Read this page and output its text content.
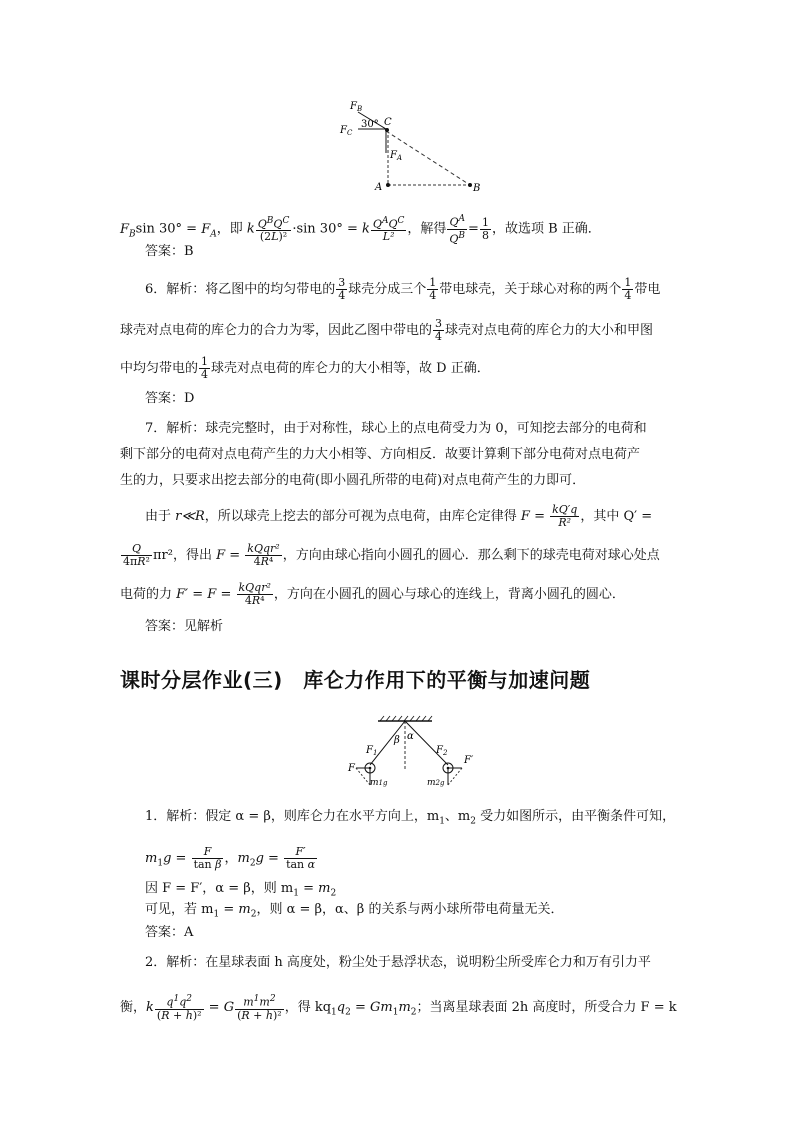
$F_B$
$F_C$
30° C
$F_A$
A	B
$F_B\sin$ $30^\circ = F_A$，即 k $\frac{Q^BQ^C}{\text{(2L)²}} \cdot\sin$ 30° = k $\frac{Q^AQ^C}{\text{L²}}$ ，解得 $\frac{Q^A}{Q^B} = \frac{1}{8}$ ，故选项 B 正确．
答案：B
6．解析：将乙图中的均匀带电的 $\frac{3}{4}$ 球壳分成三个 $\frac{1}{4}$ 带电球壳，关于球心对称的两个 $\frac{1}{4}$ 带电
球壳对点电荷的库仑力的合力为零，因此乙图中带电的 $\frac{3}{4}$ 球壳对点电荷的库仑力的大小和甲图
中均匀带电的 $\frac{1}{4}$ 球壳对点电荷的库仑力的大小相等，故 D 正确．
答案：D
7．解析：球壳完整时，由于对称性，球心上的点电荷受力为 0，可知挖去部分的电荷和
剩下部分的电荷对点电荷产生的力大小相等、方向相反．故要计算剩下部分电荷对点电荷产
生的力，只要求出挖去部分的电荷(即小圆孔所带的电荷)对点电荷产生的力即可．
由于 r≪R，所以球壳上挖去的部分可视为点电荷，由库仑定律得 $F = \frac{kQ'q}{\text{R²}}$ ，其中 Q′ =
$\frac{Q}{\text{4πR²}} \pi r^2$，得出 $F = \frac{\text{kQqr²}}{\text{4R⁴}}$ ，方向由球心指向小圆孔的圆心．那么剩下的球壳电荷对球心处点
电荷的力 $F' = F = \frac{\text{kQqr²}}{\text{4R⁴}}$ ，方向在小圆孔的圆心与球心的连线上，背离小圆孔的圆心．
答案：见解析
课时分层作业(三)　库仑力作用下的平衡与加速问题
β α
$F_1$	$F_2$
F
F′
m1g	m2g
1．解析：假定 α = β，则库仑力在水平方向上，$m_1$、$m_2$ 受力如图所示，由平衡条件可知，
$m_1g = \frac{F}{\text{tan β}}$ ，$m_2g = \frac{F'}{\text{tan α}}$
因 F = F′，α = β，则 $m_1 = m_2$
可见，若 $m_1 = m_2$，则 α = β，α、β 的关系与两小球所带电荷量无关．
答案：A
2．解析：在星球表面 h 高度处，粉尘处于悬浮状态，说明粉尘所受库仑力和万有引力平
衡，k $\frac{q^1q^2}{\text{(R + h)²}} = G \frac{m^1m^2}{\text{(R + h)²}}$ ，得 $kq_1q_2 = Gm_1m_2$；当离星球表面 2h 高度时，所受合力 F = k
